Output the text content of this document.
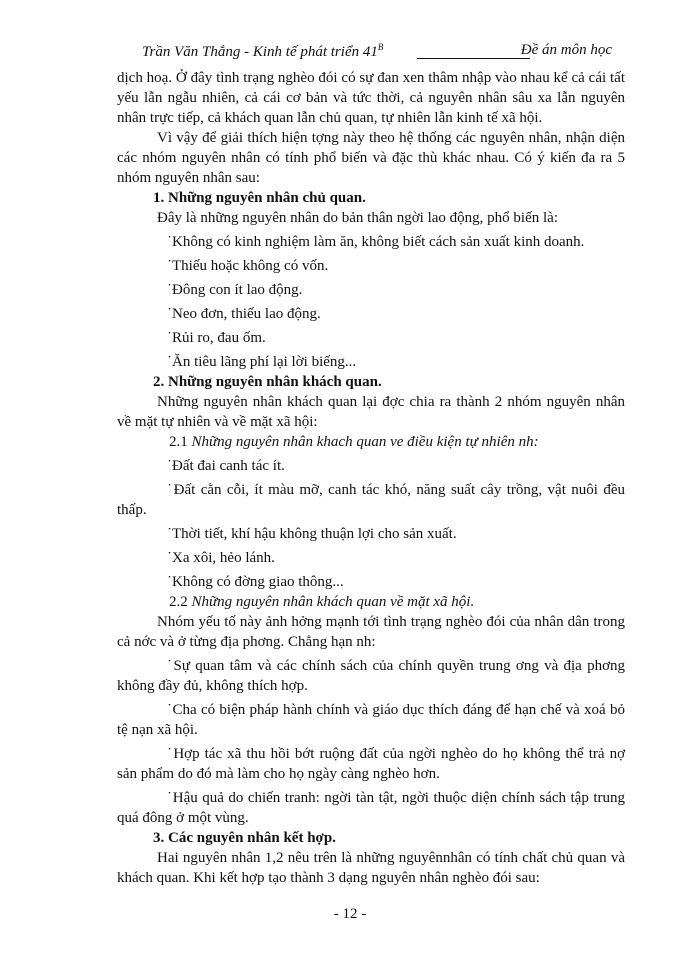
Trần Văn Thắng - Kinh tế phát triển $41^B$	Đề án môn học

dịch hoạ. Ở đây tình trạng nghèo đói có sự đan xen thâm nhập vào nhau kể cả cái tất yếu lẫn ngẫu nhiên, cả cái cơ bản và tức thời, cả nguyên nhân sâu xa lẫn nguyên nhân trực tiếp, cả khách quan lẫn chủ quan, tự nhiên lẫn kinh tế xã hội.

Vì vậy để giải thích hiện tợng này theo hệ thống các nguyên nhân, nhận diện các nhóm nguyên nhân có tính phổ biến và đặc thù khác nhau. Có ý kiến đa ra 5 nhóm nguyên nhân sau:

1. Những nguyên nhân chủ quan.

Đây là những nguyên nhân do bản thân ngời lao động, phổ biến là:

˙Không có kinh nghiệm làm ăn, không biết cách sản xuất kinh doanh.

˙Thiếu hoặc không có vốn.

˙Đông con ít lao động.

˙Neo đơn, thiếu lao động.

˙Rủi ro, đau ốm.

˙Ăn tiêu lãng phí lại lời biếng...

2. Những nguyên nhân khách quan.

Những nguyên nhân khách quan lại đợc chia ra thành 2 nhóm nguyên nhân về mặt tự nhiên và về mặt xã hội:

2.1 Những nguyên nhân khach quan ve điều kiện tự nhiên nh:

˙Đất đai canh tác ít.

˙Đất cằn cỗi, ít màu mỡ, canh tác khó, năng suất cây trồng, vật nuôi đều thấp.

˙Thời tiết, khí hậu không thuận lợi cho sản xuất.

˙Xa xôi, hẻo lánh.

˙Không có đờng giao thông...

2.2 Những nguyên nhân khách quan về mặt xã hội.

Nhóm yếu tố này ảnh hởng mạnh tới tình trạng nghèo đói của nhân dân trong cả nớc và ở từng địa phơng. Chẳng hạn nh:

˙Sự quan tâm và các chính sách của chính quyền trung ơng và địa phơng không đầy đủ, không thích hợp.

˙Cha có biện pháp hành chính và giáo dục thích đáng để hạn chế và xoá bỏ tệ nạn xã hội.

˙Hợp tác xã thu hồi bớt ruộng đất của ngời nghèo do họ không thể trả nợ sản phẩm do đó mà làm cho họ ngày càng nghèo hơn.

˙Hậu quả do chiến tranh: ngời tàn tật, ngời thuộc diện chính sách tập trung quá đông ở một vùng.

3. Các nguyên nhân kết hợp.

Hai nguyên nhân 1,2 nêu trên là những nguyênnhân có tính chất chủ quan và khách quan. Khi kết hợp tạo thành 3 dạng nguyên nhân nghèo đói sau:

- 12 -
